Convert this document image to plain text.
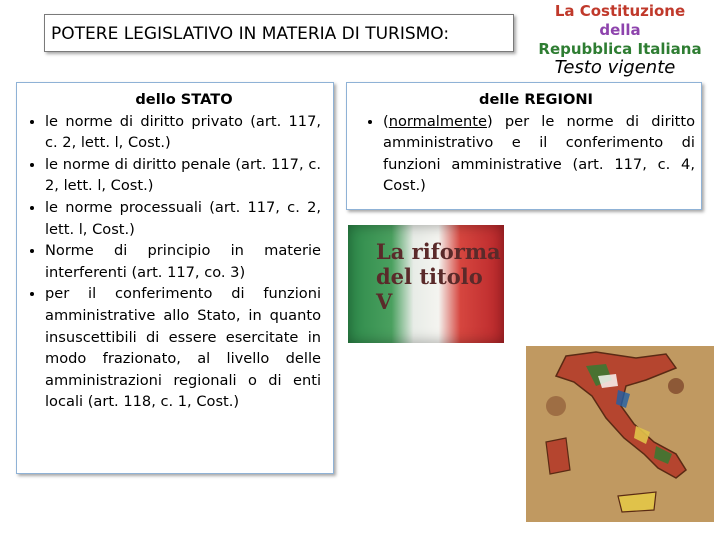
POTERE LEGISLATIVO IN MATERIA DI TURISMO:
La Costituzione
della
Repubblica Italiana
Testo vigente
dello STATO
• le norme di diritto privato (art. 117, c. 2, lett. l, Cost.)
• le norme di diritto penale (art. 117, c. 2, lett. l, Cost.)
• le norme processuali (art. 117, c. 2, lett. l, Cost.)
• Norme di principio in materie interferenti (art. 117, co. 3)
• per il conferimento di funzioni amministrative allo Stato, in quanto insuscettibili di essere esercitate in modo frazionato, al livello delle amministrazioni regionali o di enti locali (art. 118, c. 1, Cost.)
delle REGIONI
• (normalmente) per le norme di diritto amministrativo e il conferimento di funzioni amministrative (art. 117, c. 4, Cost.)
La riforma
del titolo V
